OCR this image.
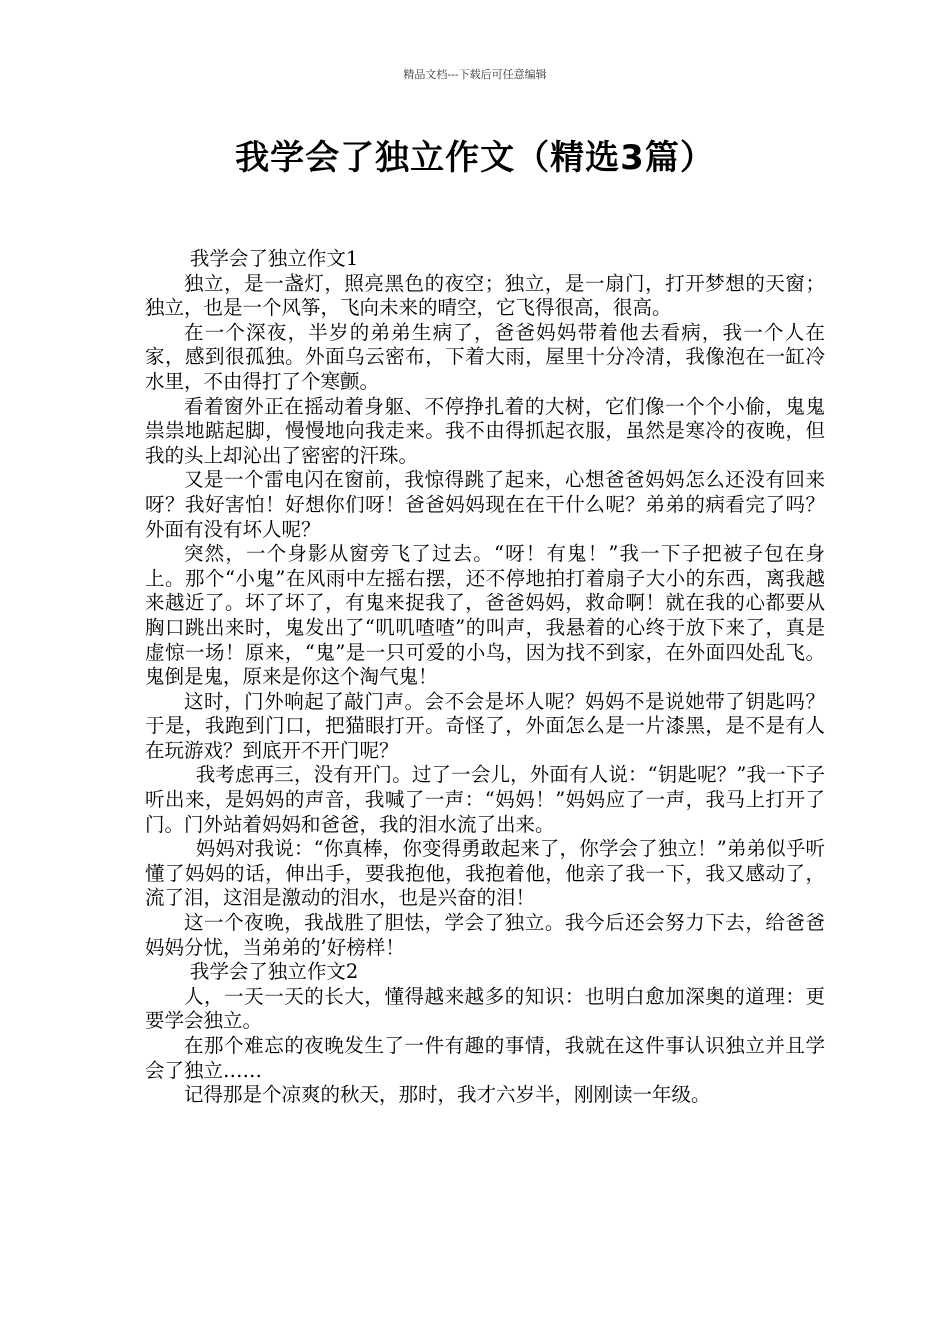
精品文档---下载后可任意编辑
我学会了独立作文（精选3篇）

我学会了独立作文1

独立，是一盏灯，照亮黑色的夜空；独立，是一扇门，打开梦想的天窗；独立，也是一个风筝，飞向未来的晴空，它飞得很高，很高。

在一个深夜，半岁的弟弟生病了，爸爸妈妈带着他去看病，我一个人在家，感到很孤独。外面乌云密布，下着大雨，屋里十分冷清，我像泡在一缸冷水里，不由得打了个寒颤。

看着窗外正在摇动着身躯、不停挣扎着的大树，它们像一个个小偷，鬼鬼祟祟地踮起脚，慢慢地向我走来。我不由得抓起衣服，虽然是寒冷的夜晚，但我的头上却沁出了密密的汗珠。

又是一个雷电闪在窗前，我惊得跳了起来，心想爸爸妈妈怎么还没有回来呀？我好害怕！好想你们呀！爸爸妈妈现在在干什么呢？弟弟的病看完了吗？外面有没有坏人呢？

突然，一个身影从窗旁飞了过去。“呀！有鬼！”我一下子把被子包在身上。那个“小鬼”在风雨中左摇右摆，还不停地拍打着扇子大小的东西，离我越来越近了。坏了坏了，有鬼来捉我了，爸爸妈妈，救命啊！就在我的心都要从胸口跳出来时，鬼发出了“叽叽喳喳”的叫声，我悬着的心终于放下来了，真是虚惊一场！原来，“鬼”是一只可爱的小鸟，因为找不到家，在外面四处乱飞。鬼倒是鬼，原来是你这个淘气鬼！

这时，门外响起了敲门声。会不会是坏人呢？妈妈不是说她带了钥匙吗？于是，我跑到门口，把猫眼打开。奇怪了，外面怎么是一片漆黑，是不是有人在玩游戏？到底开不开门呢？

我考虑再三，没有开门。过了一会儿，外面有人说：“钥匙呢？”我一下子听出来，是妈妈的声音，我喊了一声：“妈妈！”妈妈应了一声，我马上打开了门。门外站着妈妈和爸爸，我的泪水流了出来。

妈妈对我说：“你真棒，你变得勇敢起来了，你学会了独立！”弟弟似乎听懂了妈妈的话，伸出手，要我抱他，我抱着他，他亲了我一下，我又感动了，流了泪，这泪是激动的泪水，也是兴奋的泪！

这一个夜晚，我战胜了胆怯，学会了独立。我今后还会努力下去，给爸爸妈妈分忧，当弟弟的’好榜样！

我学会了独立作文2

人，一天一天的长大，懂得越来越多的知识：也明白愈加深奥的道理：更要学会独立。

在那个难忘的夜晚发生了一件有趣的事情，我就在这件事认识独立并且学会了独立……

记得那是个凉爽的秋天，那时，我才六岁半，刚刚读一年级。
